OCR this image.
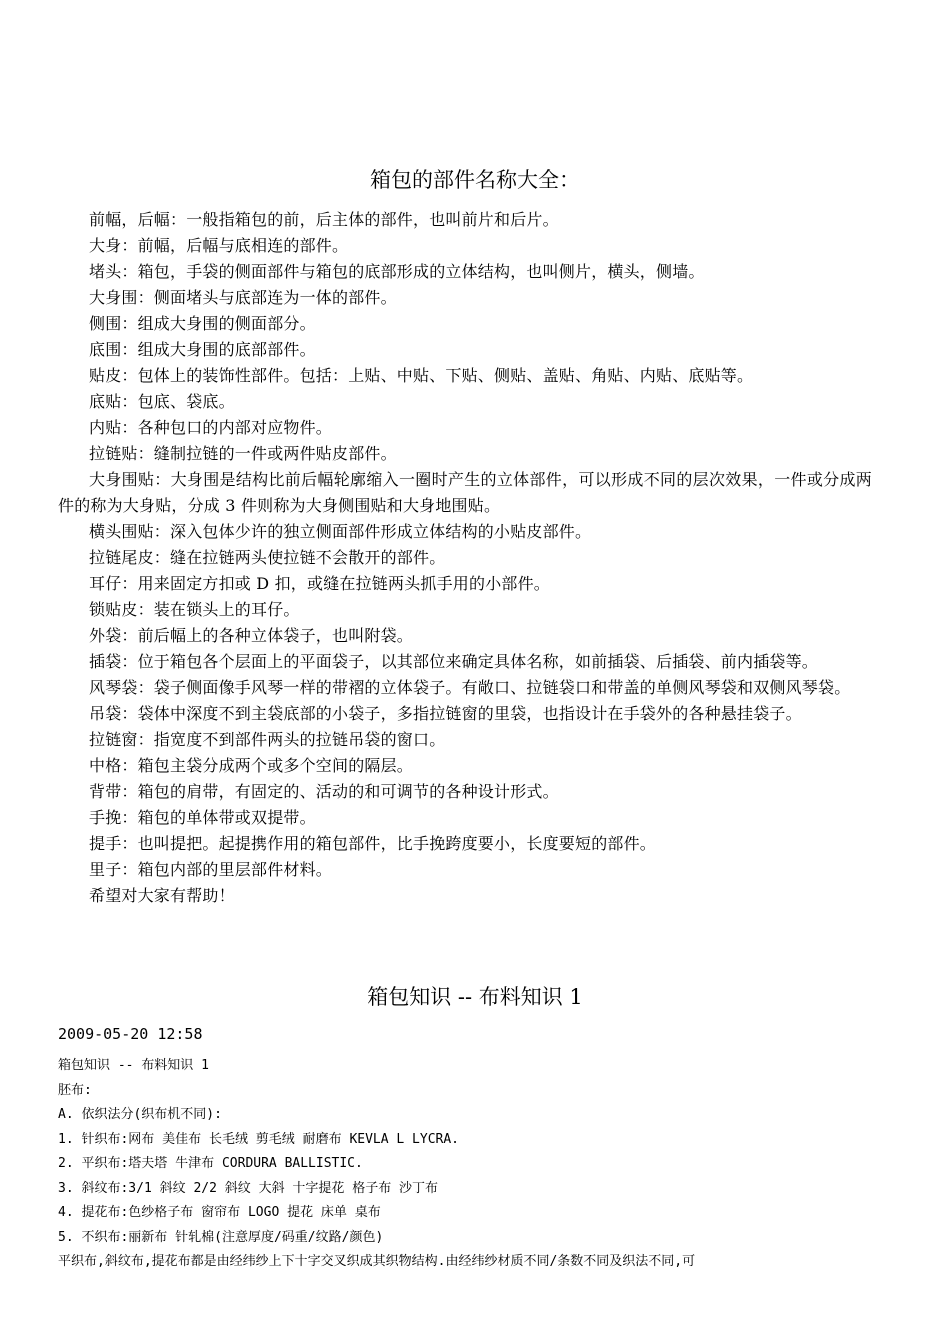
箱包的部件名称大全：

前幅，后幅：一般指箱包的前，后主体的部件，也叫前片和后片。

大身：前幅，后幅与底相连的部件。

堵头：箱包，手袋的侧面部件与箱包的底部形成的立体结构，也叫侧片，横头，侧墙。

大身围：侧面堵头与底部连为一体的部件。

侧围：组成大身围的侧面部分。

底围：组成大身围的底部部件。

贴皮：包体上的装饰性部件。包括：上贴、中贴、下贴、侧贴、盖贴、角贴、内贴、底贴等。

底贴：包底、袋底。

内贴：各种包口的内部对应物件。

拉链贴：缝制拉链的一件或两件贴皮部件。

大身围贴：大身围是结构比前后幅轮廓缩入一圈时产生的立体部件，可以形成不同的层次效果，一件或分成两件的称为大身贴，分成 3 件则称为大身侧围贴和大身地围贴。

横头围贴：深入包体少许的独立侧面部件形成立体结构的小贴皮部件。

拉链尾皮：缝在拉链两头使拉链不会散开的部件。

耳仔：用来固定方扣或 D 扣，或缝在拉链两头抓手用的小部件。

锁贴皮：装在锁头上的耳仔。

外袋：前后幅上的各种立体袋子，也叫附袋。

插袋：位于箱包各个层面上的平面袋子，以其部位来确定具体名称，如前插袋、后插袋、前内插袋等。

风琴袋：袋子侧面像手风琴一样的带褶的立体袋子。有敞口、拉链袋口和带盖的单侧风琴袋和双侧风琴袋。

吊袋：袋体中深度不到主袋底部的小袋子，多指拉链窗的里袋，也指设计在手袋外的各种悬挂袋子。

拉链窗：指宽度不到部件两头的拉链吊袋的窗口。

中格：箱包主袋分成两个或多个空间的隔层。

背带：箱包的肩带，有固定的、活动的和可调节的各种设计形式。

手挽：箱包的单体带或双提带。

提手：也叫提把。起提携作用的箱包部件，比手挽跨度要小，长度要短的部件。

里子：箱包内部的里层部件材料。

希望对大家有帮助！

箱包知识 -- 布料知识 1
2009-05-20 12:58
箱包知识 -- 布料知识 1
胚布:
A. 依织法分(织布机不同):
1. 针织布:网布 美佳布 长毛绒 剪毛绒 耐磨布 KEVLA L LYCRA.
2. 平织布:塔夫塔 牛津布 CORDURA BALLISTIC.
3. 斜纹布:3/1 斜纹 2/2 斜纹 大斜 十字提花 格子布 沙丁布
4. 提花布:色纱格子布 窗帘布 LOGO 提花 床单 桌布
5. 不织布:丽新布 针轧棉(注意厚度/码重/纹路/颜色)
平织布,斜纹布,提花布都是由经纬纱上下十字交叉织成其织物结构.由经纬纱材质不同/条数不同及织法不同,可
